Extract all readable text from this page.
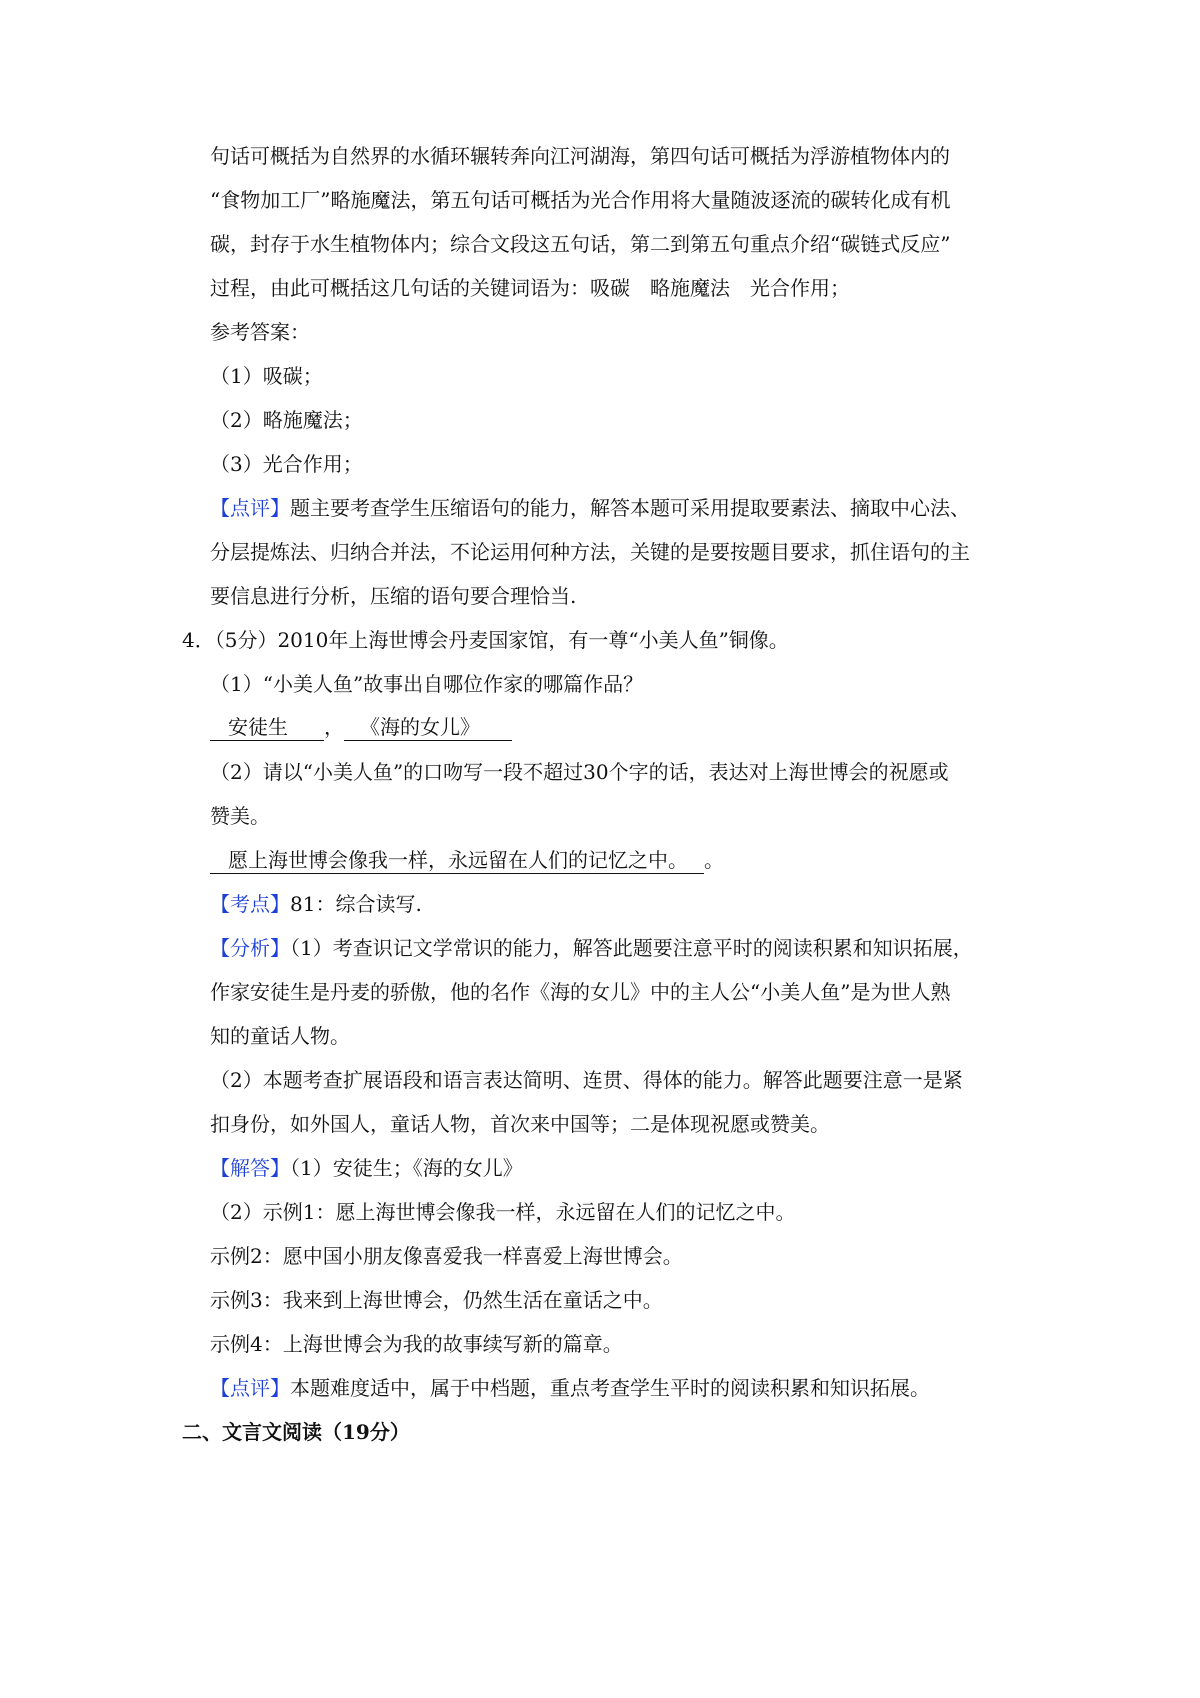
句话可概括为自然界的水循环辗转奔向江河湖海，第四句话可概括为浮游植物体内的
“食物加工厂”略施魔法，第五句话可概括为光合作用将大量随波逐流的碳转化成有机
碳，封存于水生植物体内；综合文段这五句话，第二到第五句重点介绍“碳链式反应”
过程，由此可概括这几句话的关键词语为：吸碳　略施魔法　光合作用；
参考答案：
（1）吸碳；
（2）略施魔法；
（3）光合作用；
【点评】题主要考查学生压缩语句的能力，解答本题可采用提取要素法、摘取中心法、
分层提炼法、归纳合并法，不论运用何种方法，关键的是要按题目要求，抓住语句的主
要信息进行分析，压缩的语句要合理恰当.
4．（5分）2010年上海世博会丹麦国家馆，有一尊“小美人鱼”铜像。
（1）“小美人鱼”故事出自哪位作家的哪篇作品？
安徒生 ， 《海的女儿》
（2）请以“小美人鱼”的口吻写一段不超过30个字的话，表达对上海世博会的祝愿或
赞美。
愿上海世博会像我一样，永远留在人们的记忆之中。 。
【考点】81：综合读写.
【分析】（1）考查识记文学常识的能力，解答此题要注意平时的阅读积累和知识拓展，
作家安徒生是丹麦的骄傲，他的名作《海的女儿》中的主人公“小美人鱼”是为世人熟
知的童话人物。
（2）本题考查扩展语段和语言表达简明、连贯、得体的能力。解答此题要注意一是紧
扣身份，如外国人，童话人物，首次来中国等；二是体现祝愿或赞美。
【解答】（1）安徒生；《海的女儿》
（2）示例1：愿上海世博会像我一样，永远留在人们的记忆之中。
示例2：愿中国小朋友像喜爱我一样喜爱上海世博会。
示例3：我来到上海世博会，仍然生活在童话之中。
示例4：上海世博会为我的故事续写新的篇章。
【点评】本题难度适中，属于中档题，重点考查学生平时的阅读积累和知识拓展。
二、文言文阅读（19分）
